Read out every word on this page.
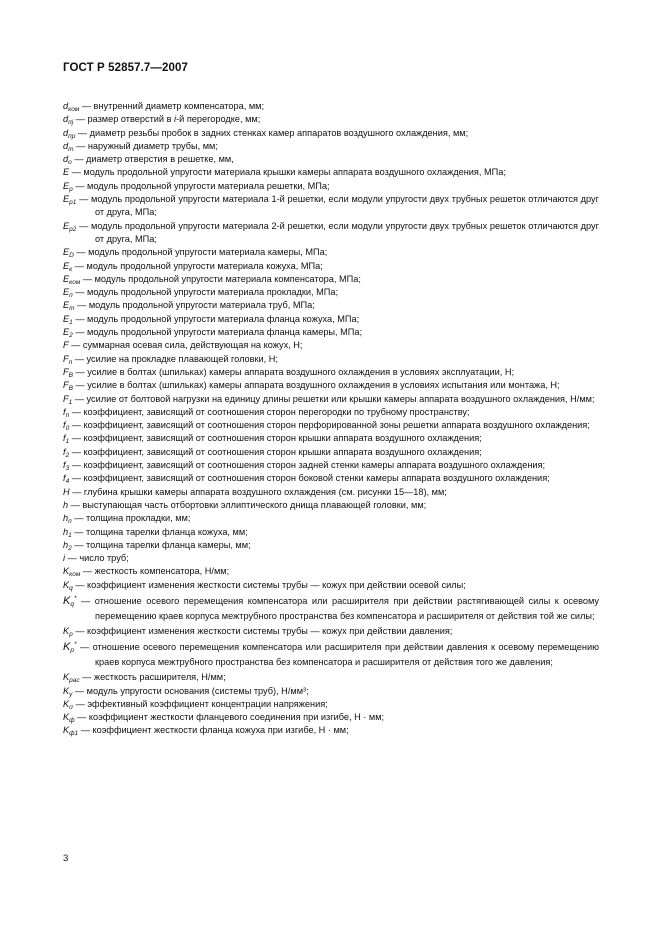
ГОСТ Р 52857.7—2007

$d_{ком}$ — внутренний диаметр компенсатора, мм;

$d_{пj}$ — размер отверстий в i-й перегородке, мм;

$d_{пр}$ — диаметр резьбы пробок в задних стенках камер аппаратов воздушного охлаждения, мм;

$d_т$ — наружный диаметр трубы, мм;

$d_о$ — диаметр отверстия в решетке, мм,

E — модуль продольной упругости материала крышки камеры аппарата воздушного охлаждения, МПа;

$E_р$ — модуль продольной упругости материала решетки, МПа;

$E_{р1}$ — модуль продольной упругости материала 1-й решетки, если модули упругости двух трубных решеток отличаются друг от друга, МПа;

$E_{р2}$ — модуль продольной упругости материала 2-й решетки, если модули упругости двух трубных решеток отличаются друг от друга, МПа;

$E_D$ — модуль продольной упругости материала камеры, МПа;

$E_к$ — модуль продольной упругости материала кожуха, МПа;

$E_{ком}$ — модуль продольной упругости материала компенсатора, МПа;

$E_п$ — модуль продольной упругости материала прокладки, МПа;

$E_т$ — модуль продольной упругости материала труб, МПа;

$E_1$ — модуль продольной упругости материала фланца кожуха, МПа;

$E_2$ — модуль продольной упругости материала фланца камеры, МПа;

F — суммарная осевая сила, действующая на кожух, Н;

$F_п$ — усилие на прокладке плавающей головки, Н;

$F_B$ — усилие в болтах (шпильках) камеры аппарата воздушного охлаждения в условиях эксплуатации, Н;

$F_B$ — усилие в болтах (шпильках) камеры аппарата воздушного охлаждения в условиях испытания или монтажа, Н;

$F_1$ — усилие от болтовой нагрузки на единицу длины решетки или крышки камеры аппарата воздушного охлаждения, Н/мм;

$f_п$ — коэффициент, зависящий от соотношения сторон перегородки по трубному пространству;

$f_0$ — коэффициент, зависящий от соотношения сторон перфорированной зоны решетки аппарата воздушного охлаждения;

$f_1$ — коэффициент, зависящий от соотношения сторон крышки аппарата воздушного охлаждения;

$f_2$ — коэффициент, зависящий от соотношения сторон крышки аппарата воздушного охлаждения;

$f_3$ — коэффициент, зависящий от соотношения сторон задней стенки камеры аппарата воздушного охлаждения;

$f_4$ — коэффициент, зависящий от соотношения сторон боковой стенки камеры аппарата воздушного охлаждения;

H — глубина крышки камеры аппарата воздушного охлаждения (см. рисунки 15—18), мм;

h — выступающая часть отбортовки эллиптического днища плавающей головки, мм;

$h_п$ — толщина прокладки, мм;

$h_1$ — толщина тарелки фланца кожуха, мм;

$h_2$ — толщина тарелки фланца камеры, мм;

i — число труб;

$K_{ком}$ — жесткость компенсатора, Н/мм;

$K_q$ — коэффициент изменения жесткости системы трубы — кожух при действии осевой силы;

$K_q^*$ — отношение осевого перемещения компенсатора или расширителя при действии растягивающей силы к осевому перемещению краев корпуса межтрубного пространства без компенсатора и расширителя от действия той же силы;

$K_p$ — коэффициент изменения жесткости системы трубы — кожух при действии давления;

$K_p^*$ — отношение осевого перемещения компенсатора или расширителя при действии давления к осевому перемещению краев корпуса межтрубного пространства без компенсатора и расширителя от действия того же давления;

$K_{рас}$ — жесткость расширителя, Н/мм;

$K_y$ — модуль упругости основания (системы труб), Н/мм³;

$K_\sigma$ — эффективный коэффициент концентрации напряжения;

$K_ф$ — коэффициент жесткости фланцевого соединения при изгибе, Н · мм;

$K_{ф1}$ — коэффициент жесткости фланца кожуха при изгибе, Н · мм;

3
